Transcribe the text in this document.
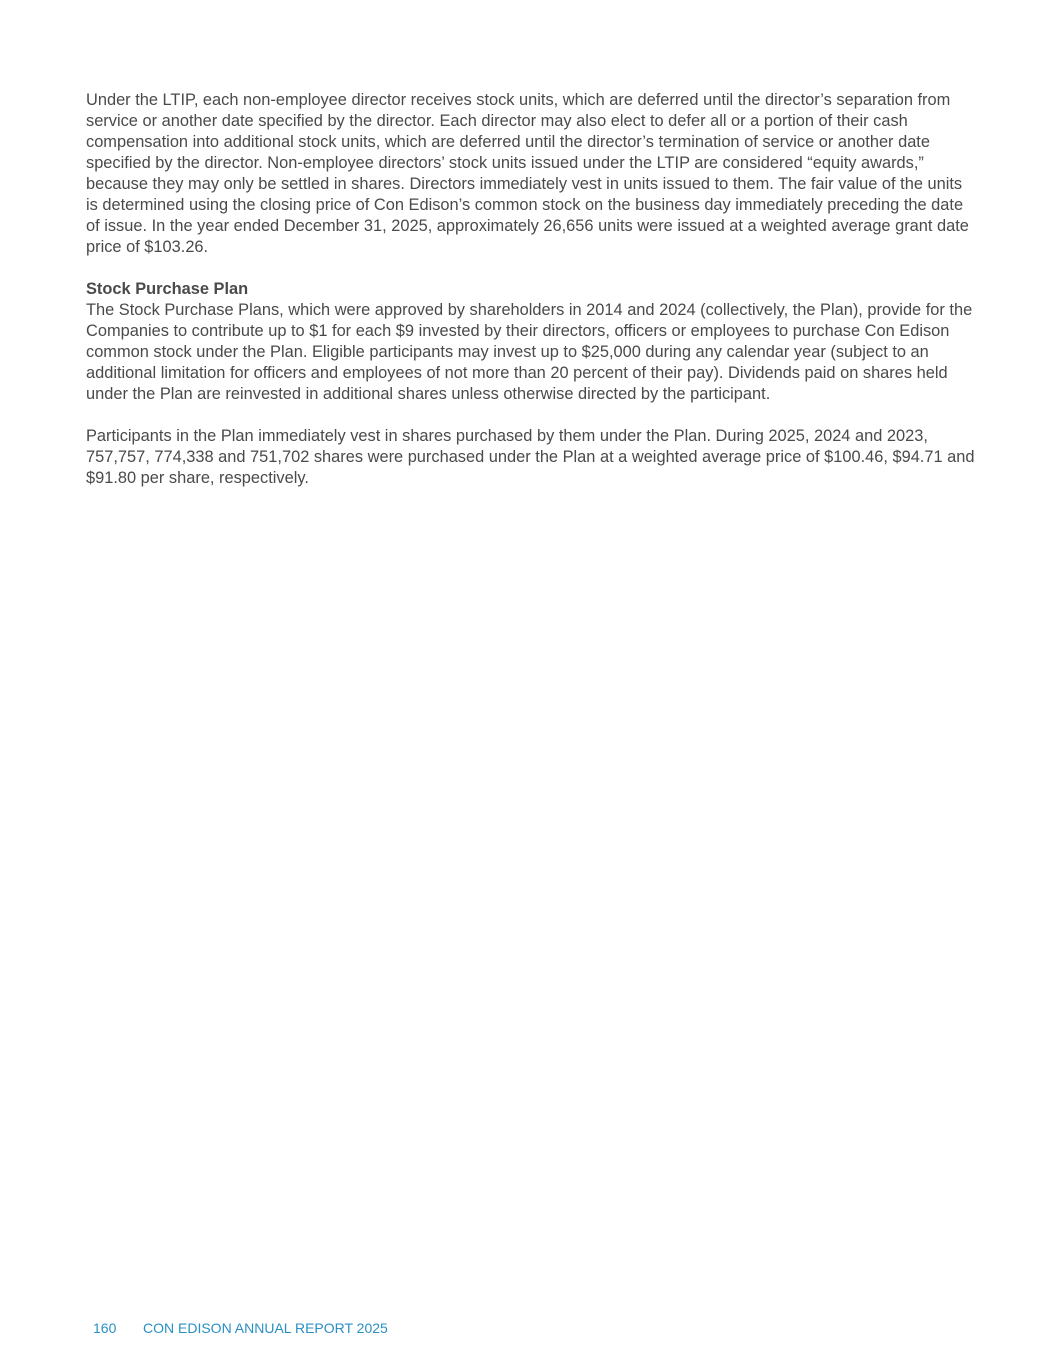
Under the LTIP, each non-employee director receives stock units, which are deferred until the director’s separation from service or another date specified by the director. Each director may also elect to defer all or a portion of their cash compensation into additional stock units, which are deferred until the director’s termination of service or another date specified by the director. Non-employee directors’ stock units issued under the LTIP are considered “equity awards,” because they may only be settled in shares. Directors immediately vest in units issued to them. The fair value of the units is determined using the closing price of Con Edison’s common stock on the business day immediately preceding the date of issue. In the year ended December 31, 2025, approximately 26,656 units were issued at a weighted average grant date price of $103.26.

Stock Purchase Plan

The Stock Purchase Plans, which were approved by shareholders in 2014 and 2024 (collectively, the Plan), provide for the Companies to contribute up to $1 for each $9 invested by their directors, officers or employees to purchase Con Edison common stock under the Plan. Eligible participants may invest up to $25,000 during any calendar year (subject to an additional limitation for officers and employees of not more than 20 percent of their pay). Dividends paid on shares held under the Plan are reinvested in additional shares unless otherwise directed by the participant.

Participants in the Plan immediately vest in shares purchased by them under the Plan. During 2025, 2024 and 2023, 757,757, 774,338 and 751,702 shares were purchased under the Plan at a weighted average price of $100.46, $94.71 and $91.80 per share, respectively.

160 CON EDISON ANNUAL REPORT 2025
